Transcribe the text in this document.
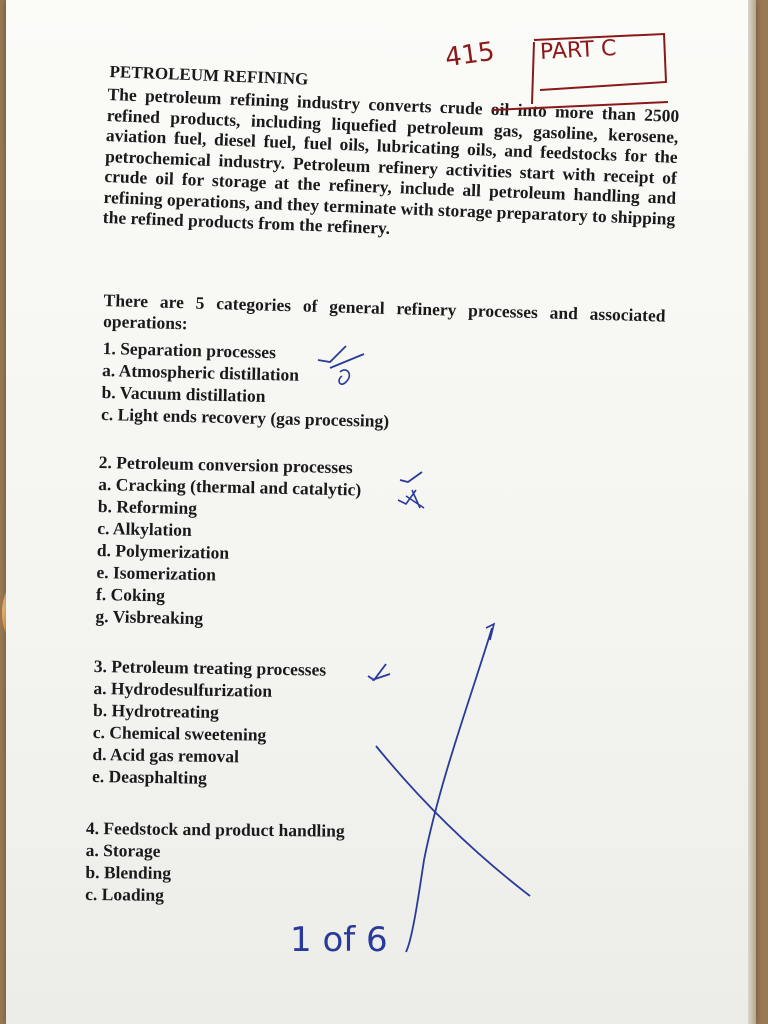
PETROLEUM REFINING
The petroleum refining industry converts crude oil into more than 2500 refined products, including liquefied petroleum gas, gasoline, kerosene, aviation fuel, diesel fuel, fuel oils, lubricating oils, and feedstocks for the petrochemical industry. Petroleum refinery activities start with receipt of crude oil for storage at the refinery, include all petroleum handling and refining operations, and they terminate with storage preparatory to shipping the refined products from the refinery.
There are 5 categories of general refinery processes and associated operations:
1. Separation processes
a. Atmospheric distillation
b. Vacuum distillation
c. Light ends recovery (gas processing)
2. Petroleum conversion processes
a. Cracking (thermal and catalytic)
b. Reforming
c. Alkylation
d. Polymerization
e. Isomerization
f. Coking
g. Visbreaking
3. Petroleum treating processes
a. Hydrodesulfurization
b. Hydrotreating
c. Chemical sweetening
d. Acid gas removal
e. Deasphalting
4. Feedstock and product handling
a. Storage
b. Blending
c. Loading
415 PART C
1 of 6
